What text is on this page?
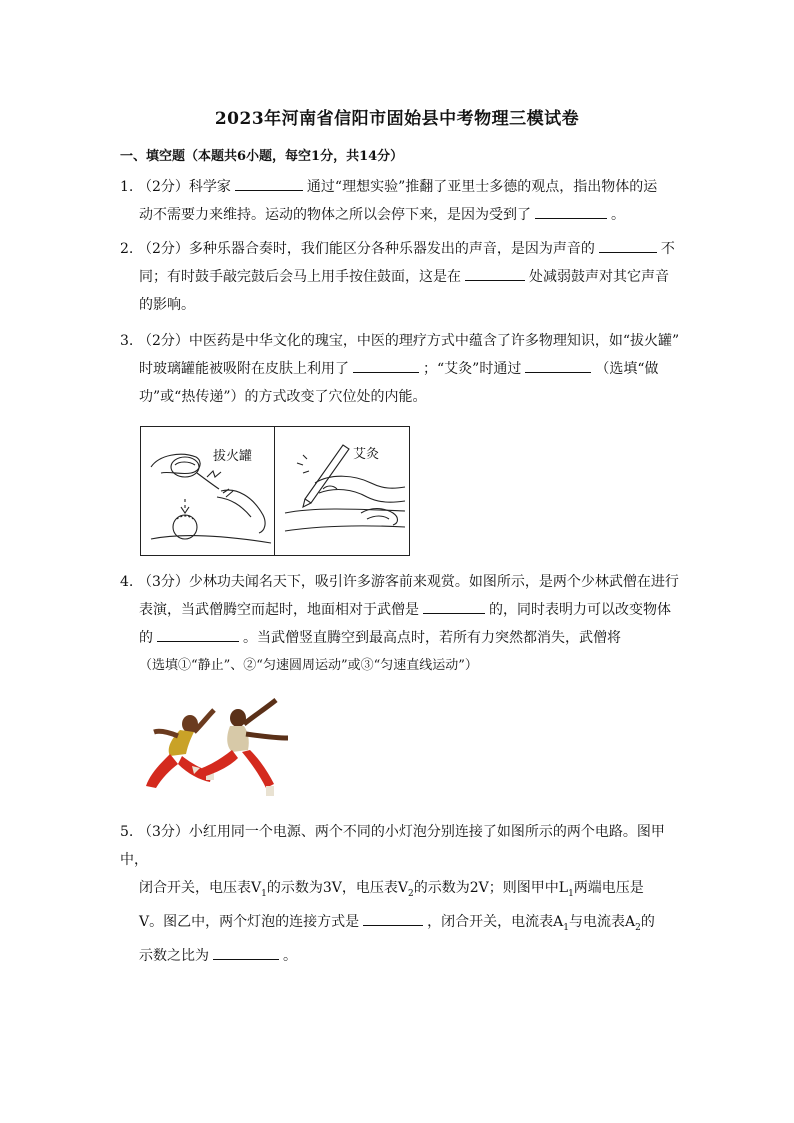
2023年河南省信阳市固始县中考物理三模试卷
一、填空题（本题共6小题，每空1分，共14分）
1. （2分）科学家	通过“理想实验”推翻了亚里士多德的观点，指出物体的运
动不需要力来维持。运动的物体之所以会停下来，是因为受到了	。
2. （2分）多种乐器合奏时，我们能区分各种乐器发出的声音，是因为声音的	不
同；有时鼓手敲完鼓后会马上用手按住鼓面，这是在	处减弱鼓声对其它声音
的影响。
3. （2分）中医药是中华文化的瑰宝，中医的理疗方式中蕴含了许多物理知识，如“拔火罐”
时玻璃罐能被吸附在皮肤上利用了	；“艾灸”时通过	（选填“做
功”或“热传递”）的方式改变了穴位处的内能。
拔火罐	艾灸
4. （3分）少林功夫闻名天下，吸引许多游客前来观赏。如图所示，是两个少林武僧在进行
表演，当武僧腾空而起时，地面相对于武僧是	的，同时表明力可以改变物体
的	。当武僧竖直腾空到最高点时，若所有力突然都消失，武僧将
（选填①“静止”、②“匀速圆周运动”或③“匀速直线运动”）
5. （3分）小红用同一个电源、两个不同的小灯泡分别连接了如图所示的两个电路。图甲中，
闭合开关，电压表$V_1$的示数为3V，电压表$V_2$的示数为2V；则图甲中$L_1$两端电压是
V。图乙中，两个灯泡的连接方式是	，闭合开关，电流表$A_1$与电流表$A_2$的
示数之比为	。
